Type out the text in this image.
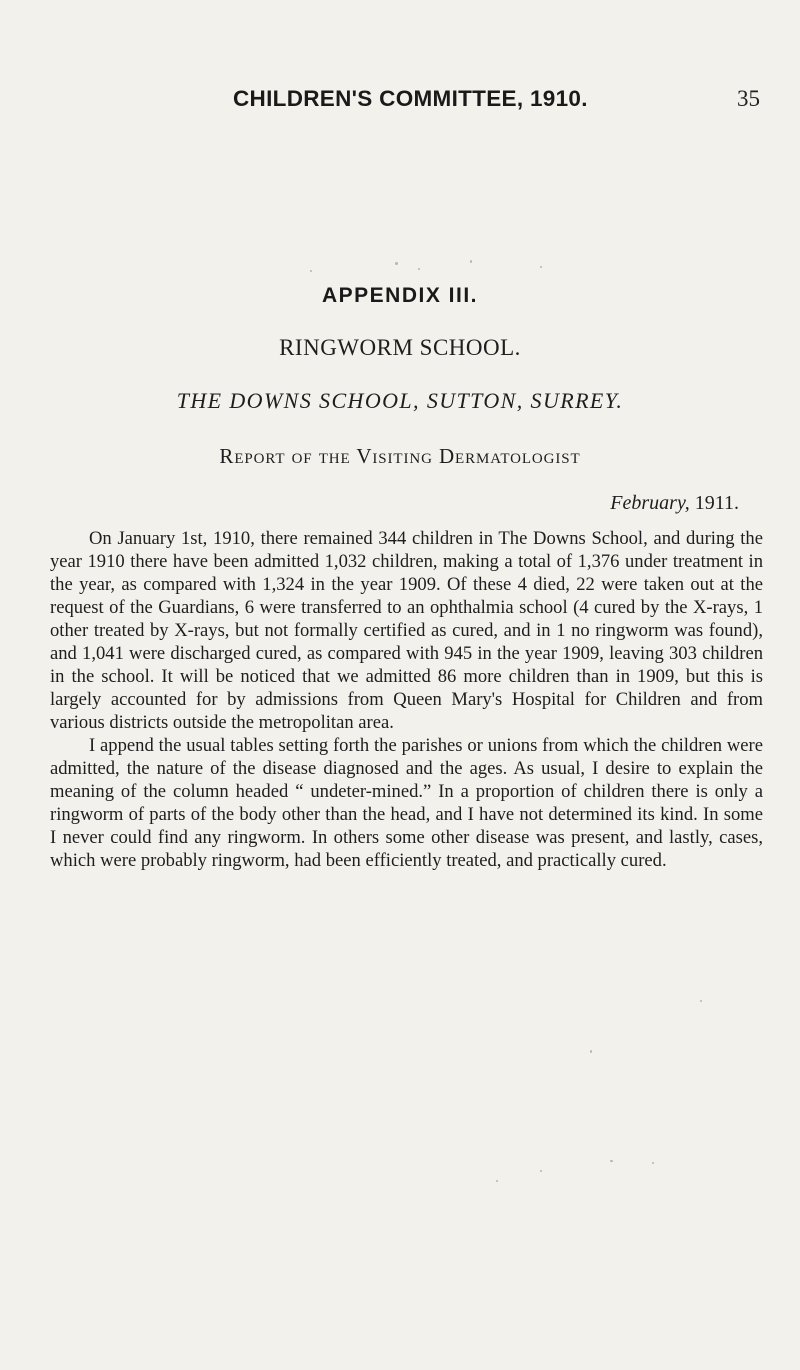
CHILDREN'S COMMITTEE, 1910.	35
APPENDIX III.
RINGWORM SCHOOL.
THE DOWNS SCHOOL, SUTTON, SURREY.
Report of the Visiting Dermatologist
February, 1911.

On January 1st, 1910, there remained 344 children in The Downs School, and during the year 1910 there have been admitted 1,032 children, making a total of 1,376 under treatment in the year, as compared with 1,324 in the year 1909. Of these 4 died, 22 were taken out at the request of the Guardians, 6 were transferred to an ophthalmia school (4 cured by the X-rays, 1 other treated by X-rays, but not formally certified as cured, and in 1 no ringworm was found), and 1,041 were discharged cured, as compared with 945 in the year 1909, leaving 303 children in the school. It will be noticed that we admitted 86 more children than in 1909, but this is largely accounted for by admissions from Queen Mary's Hospital for Children and from various districts outside the metropolitan area.

I append the usual tables setting forth the parishes or unions from which the children were admitted, the nature of the disease diagnosed and the ages. As usual, I desire to explain the meaning of the column headed “ undeter-mined.” In a proportion of children there is only a ringworm of parts of the body other than the head, and I have not determined its kind. In some I never could find any ringworm. In others some other disease was present, and lastly, cases, which were probably ringworm, had been efficiently treated, and practically cured.
